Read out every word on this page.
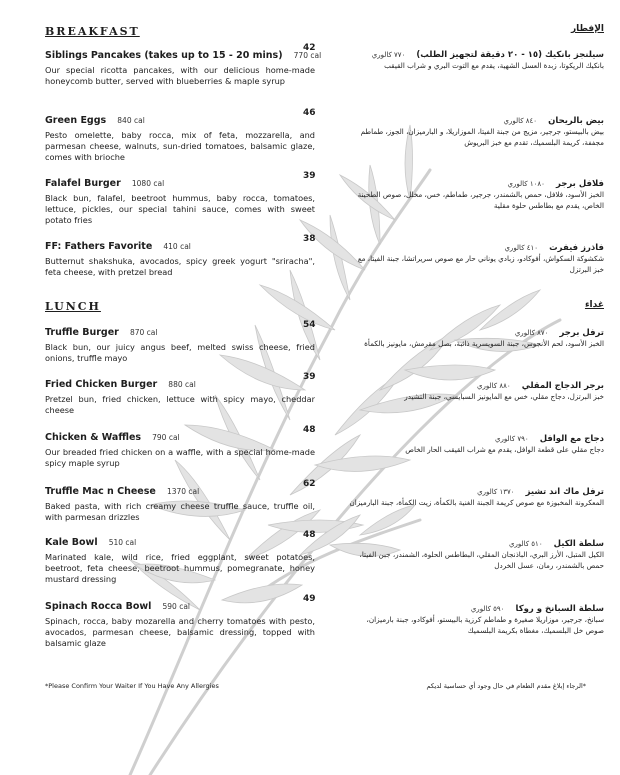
BREAKFAST
Siblings Pancakes (takes up to 15 - 20 mins) 770 cal
42
Our special ricotta pancakes, with our delicious home-made honeycomb butter, served with blueberries & maple syrup
Green Eggs 840 cal
46
Pesto omelette, baby rocca, mix of feta, mozzarella, and parmesan cheese, walnuts, sun-dried tomatoes, balsamic glaze, comes with brioche
Falafel Burger 1080 cal
39
Black bun, falafel, beetroot hummus, baby rocca, tomatoes, lettuce, pickles, our special tahini sauce, comes with sweet potato fries
FF: Fathers Favorite 410 cal
38
Butternut shakshuka, avocados, spicy greek yogurt "sriracha", feta cheese, with pretzel bread
LUNCH
Truffle Burger 870 cal
54
Black bun, our juicy angus beef, melted swiss cheese, fried onions, truffle mayo
Fried Chicken Burger 880 cal
39
Pretzel bun, fried chicken, lettuce with spicy mayo, cheddar cheese
Chicken & Waffles 790 cal
48
Our breaded fried chicken on a waffle, with a special home-made spicy maple syrup
Truffle Mac n Cheese 1370 cal
62
Baked pasta, with rich creamy cheese truffle sauce, truffle oil, with parmesan drizzles
Kale Bowl 510 cal
48
Marinated kale, wild rice, fried eggplant, sweet potatoes, beetroot, feta cheese, beetroot hummus, pomegranate, honey mustard dressing
Spinach Rocca Bowl 590 cal
49
Spinach, rocca, baby mozarella and cherry tomatoes with pesto, avocados, parmesan cheese, balsamic dressing, topped with balsamic glaze
الإفطار
سيلنجز بانكيك (١٥ - ٢٠ دقيقة لتجهيز الطلب) ٧٧٠ كالوري
بانكيك الريكوتا، زبدة العسل الشهية، يقدم مع التوت البري و شراب القيقب
بيض بالريحان ٨٤٠ كالوري
بيض بالبيستو، جرجير، مزيج من جبنة الفيتا، الموزاريلا، و البارميزان، الجوز، طماطم مجففة، كريمة البلسميك، تقدم مع خبز البريوش
فلافل برجر ١٠٨٠ كالوري
الخبز الأسود، فلافل، حمص بالشمندر، جرجير، طماطم، خس، مخلل، صوص الطحينة الخاص، يقدم مع بطاطس حلوة مقلية
فاذرز فيفرت ٤١٠ كالوري
شكشوكة السكواش، أفوكادو، زبادي يوناني حار مع صوص سريراتشا، جبنة الفيتا، مع خبز البرتزل
غداء
ترفل برجر ٨٧٠ كالوري
الخبز الأسود، لحم الأنجوس، جبنة السويسرية ذائبة، بصل مقرمش، مايونيز بالكمأة
برجر الدجاج المقلي ٨٨٠ كالوري
خبز البرتزل، دجاج مقلي، خس مع المايونيز السبايسي، جبنة التشيدر
دجاج مع الوافل ٧٩٠ كالوري
دجاج مقلي على قطعة الوافل، يقدم مع شراب القيقب الحار الخاص
ترفل ماك اند تشيز ١٣٧٠ كالوري
المعكرونة المخبوزة مع صوص كريمة الجبنة الغنية بالكمأة، زيت الكمأة، جبنة البارميزان
سلطة الكيل ٥١٠ كالوري
الكيل المتبل، الأرز البري، الباذنجان المقلي، البطاطس الحلوة، الشمندر، جبن الفيتا، حمص بالشمندر، رمان، عسل الخردل
سلطة السبانخ و روكا ٥٩٠ كالوري
سبانخ، جرجير، موزاريلا صغيرة و طماطم كرزية بالبيستو، أفوكادو، جبنة بارميزان، صوص خل البلسميك، مغطاة بكريمة البلسميك
*Please Confirm Your Waiter If You Have Any Allergies	*الرجاء إبلاغ مقدم الطعام في حال وجود أي حساسية لديكم
